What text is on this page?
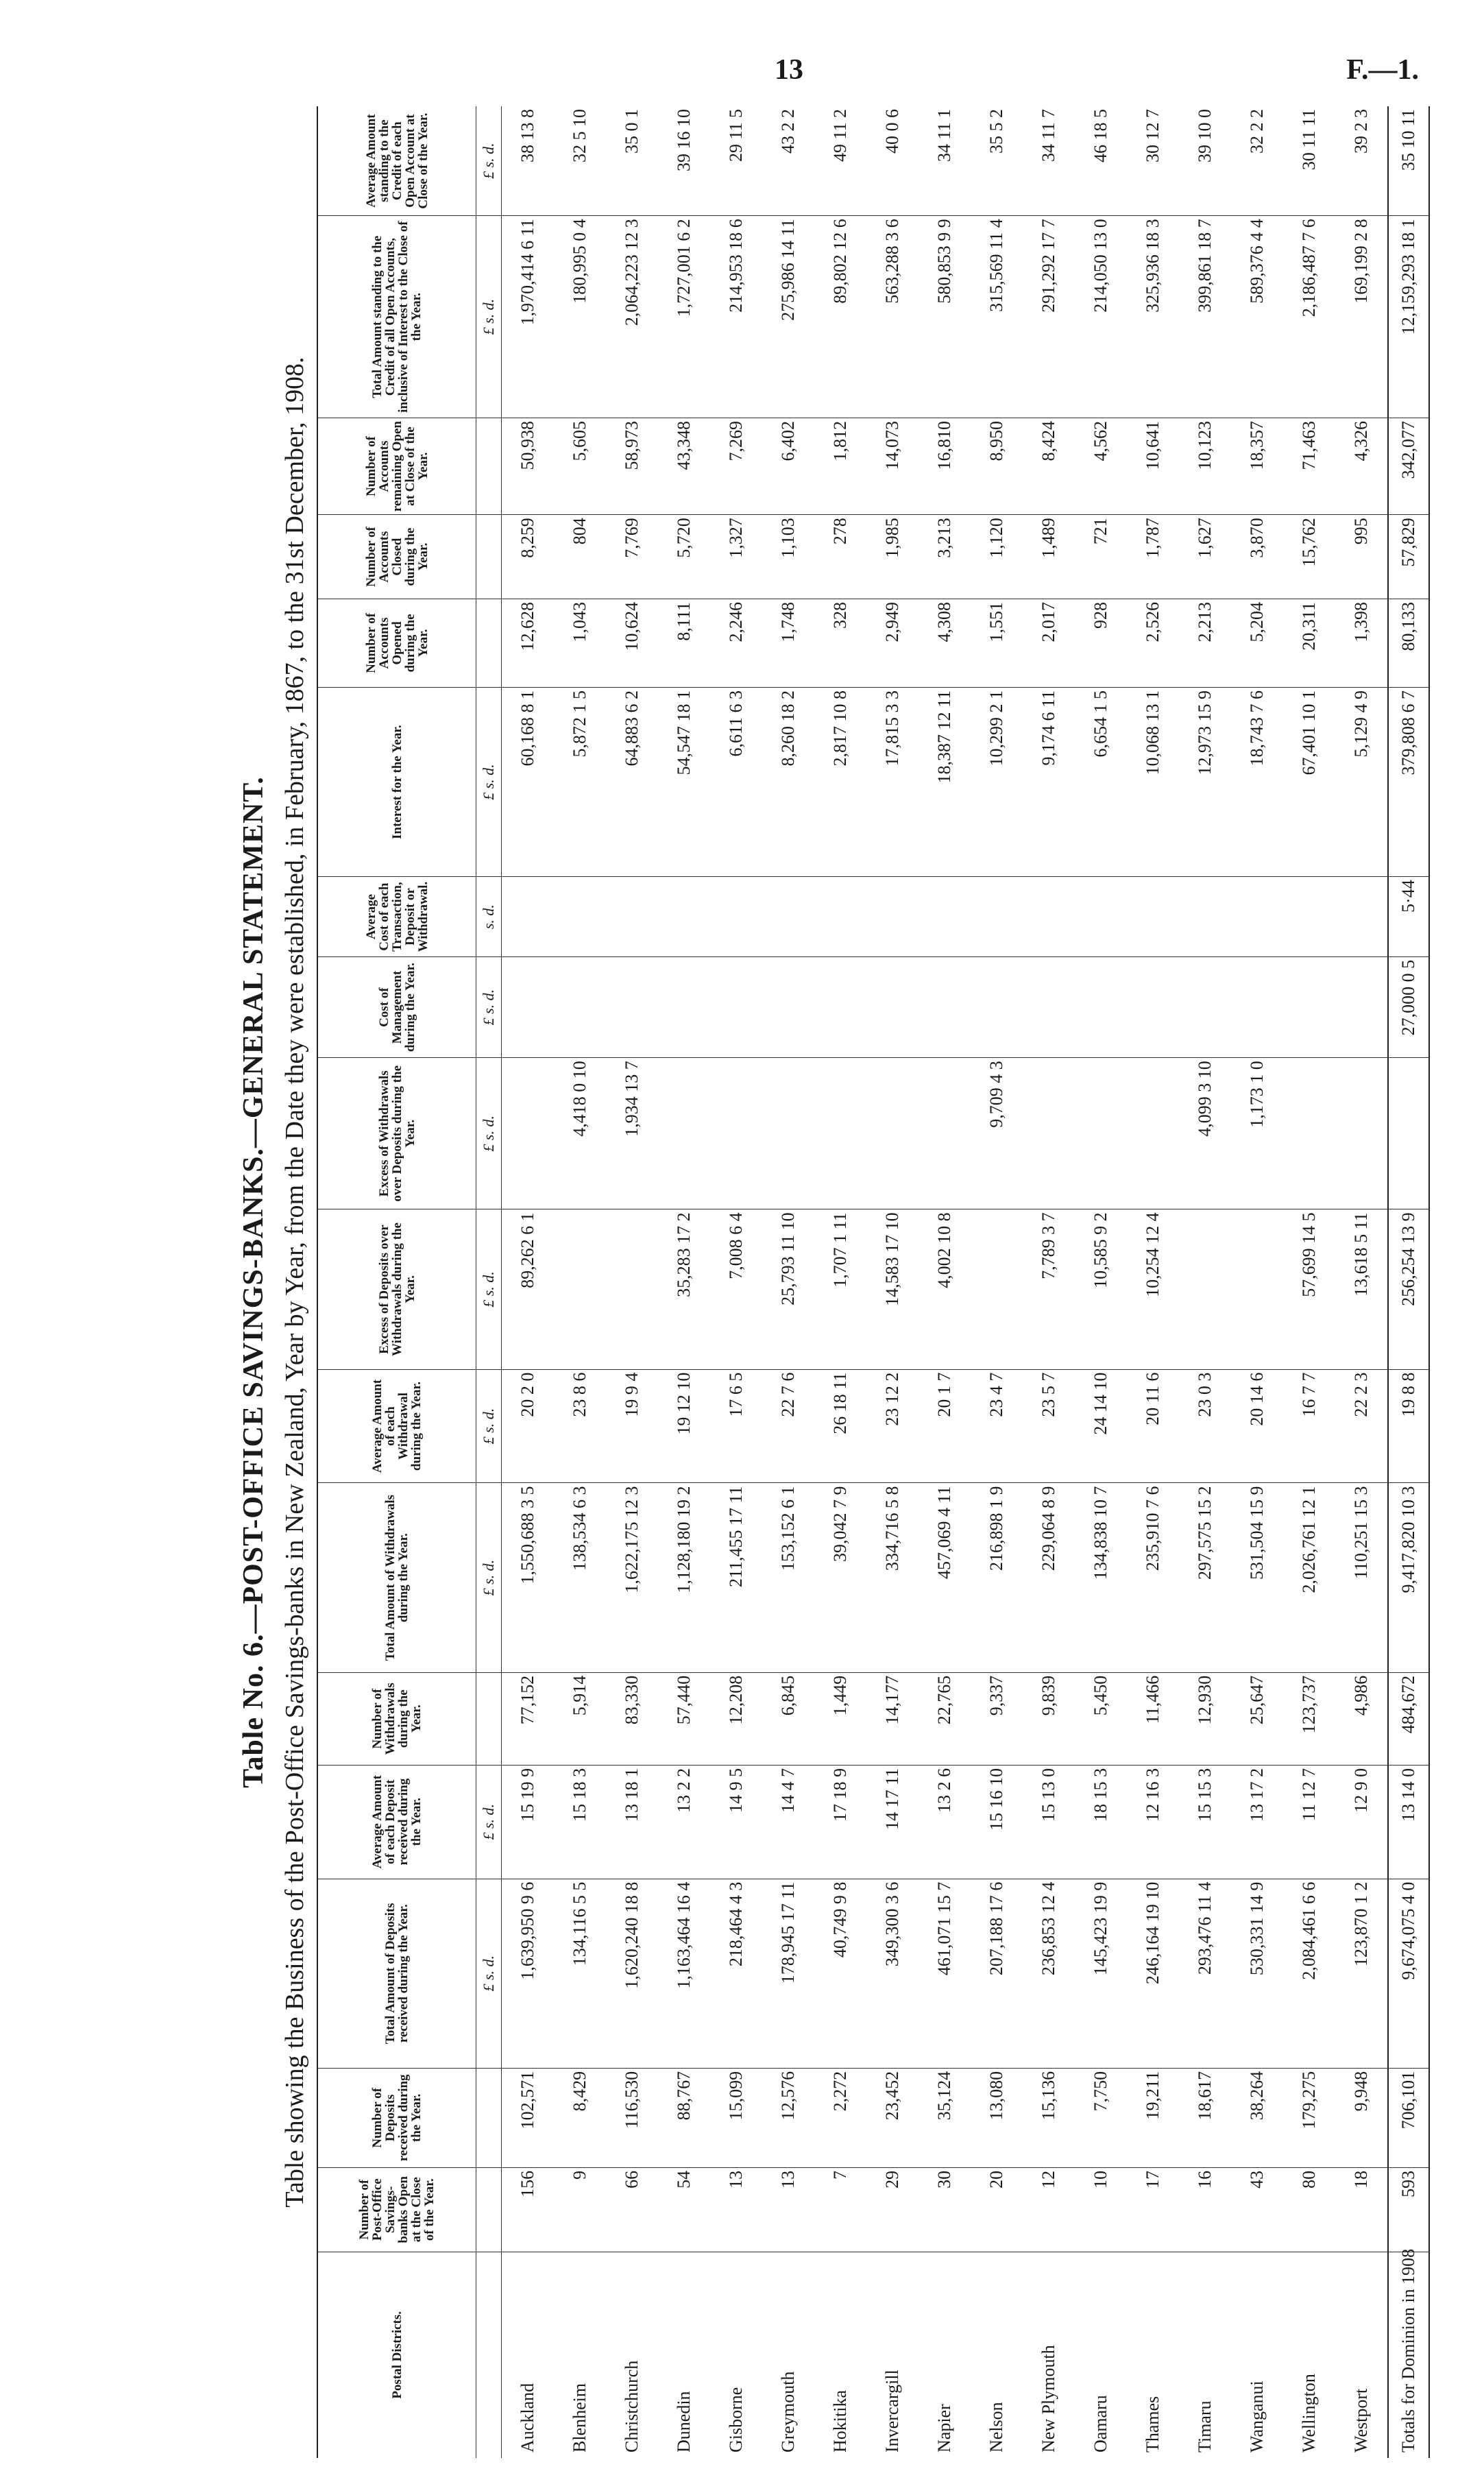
13	F.—1.
Table No. 6.—POST-OFFICE SAVINGS-BANKS.—GENERAL STATEMENT. Table showing the Business of the Post-Office Savings-banks in New Zealand, Year by Year, from the Date they were established, in February, 1867, to the 31st December, 1908.
Postal Districts.	Number of Post-Office Savings-banks Open at the Close of the Year.	Number of Deposits received during the Year.	Total Amount of Deposits received during the Year.	Average Amount of each Deposit received during the Year.	Number of Withdrawals during the Year.	Total Amount of Withdrawals during the Year.	Average Amount of each Withdrawal during the Year.	Excess of Deposits over Withdrawals during the Year.	Excess of Withdrawals over Deposits during the Year.	Cost of Management during the Year.	Average Cost of each Transaction, Deposit or Withdrawal.	Interest for the Year.	Number of Accounts Opened during the Year.	Number of Accounts Closed during the Year.	Number of Accounts remaining Open at Close of the Year.	Total Amount standing to the Credit of all Open Accounts, inclusive of Interest to the Close of the Year.	Average Amount standing to the Credit of each Open Account at Close of the Year.
			£ s. d.	£ s. d.		£ s. d.	£ s. d.	£ s. d.	£ s. d.	£ s. d.	s. d.	£ s. d.				£ s. d.	£ s. d.
Auckland	156	102,571	1,639,950 9 6	15 19 9	77,152	1,550,688 3 5	20 2 0	89,262 6 1				60,168 8 1	12,628	8,259	50,938	1,970,414 6 11	38 13 8
Blenheim	9	8,429	134,116 5 5	15 18 3	5,914	138,534 6 3	23 8 6		4,418 0 10			5,872 1 5	1,043	804	5,605	180,995 0 4	32 5 10
Christchurch	66	116,530	1,620,240 18 8	13 18 1	83,330	1,622,175 12 3	19 9 4		1,934 13 7			64,883 6 2	10,624	7,769	58,973	2,064,223 12 3	35 0 1
Dunedin	54	88,767	1,163,464 16 4	13 2 2	57,440	1,128,180 19 2	19 12 10	35,283 17 2				54,547 18 1	8,111	5,720	43,348	1,727,001 6 2	39 16 10
Gisborne	13	15,099	218,464 4 3	14 9 5	12,208	211,455 17 11	17 6 5	7,008 6 4				6,611 6 3	2,246	1,327	7,269	214,953 18 6	29 11 5
Greymouth	13	12,576	178,945 17 11	14 4 7	6,845	153,152 6 1	22 7 6	25,793 11 10				8,260 18 2	1,748	1,103	6,402	275,986 14 11	43 2 2
Hokitika	7	2,272	40,749 9 8	17 18 9	1,449	39,042 7 9	26 18 11	1,707 1 11				2,817 10 8	328	278	1,812	89,802 12 6	49 11 2
Invercargill	29	23,452	349,300 3 6	14 17 11	14,177	334,716 5 8	23 12 2	14,583 17 10				17,815 3 3	2,949	1,985	14,073	563,288 3 6	40 0 6
Napier	30	35,124	461,071 15 7	13 2 6	22,765	457,069 4 11	20 1 7	4,002 10 8				18,387 12 11	4,308	3,213	16,810	580,853 9 9	34 11 1
Nelson	20	13,080	207,188 17 6	15 16 10	9,337	216,898 1 9	23 4 7		9,709 4 3			10,299 2 1	1,551	1,120	8,950	315,569 11 4	35 5 2
New Plymouth	12	15,136	236,853 12 4	15 13 0	9,839	229,064 8 9	23 5 7	7,789 3 7				9,174 6 11	2,017	1,489	8,424	291,292 17 7	34 11 7
Oamaru	10	7,750	145,423 19 9	18 15 3	5,450	134,838 10 7	24 14 10	10,585 9 2				6,654 1 5	928	721	4,562	214,050 13 0	46 18 5
Thames	17	19,211	246,164 19 10	12 16 3	11,466	235,910 7 6	20 11 6	10,254 12 4				10,068 13 1	2,526	1,787	10,641	325,936 18 3	30 12 7
Timaru	16	18,617	293,476 11 4	15 15 3	12,930	297,575 15 2	23 0 3		4,099 3 10			12,973 15 9	2,213	1,627	10,123	399,861 18 7	39 10 0
Wanganui	43	38,264	530,331 14 9	13 17 2	25,647	531,504 15 9	20 14 6		1,173 1 0			18,743 7 6	5,204	3,870	18,357	589,376 4 4	32 2 2
Wellington	80	179,275	2,084,461 6 6	11 12 7	123,737	2,026,761 12 1	16 7 7	57,699 14 5				67,401 10 1	20,311	15,762	71,463	2,186,487 7 6	30 11 11
Westport	18	9,948	123,870 1 2	12 9 0	4,986	110,251 15 3	22 2 3	13,618 5 11				5,129 4 9	1,398	995	4,326	169,199 2 8	39 2 3
Totals for Dominion in 1908	593	706,101	9,674,075 4 0	13 14 0	484,672	9,417,820 10 3	19 8 8	256,254 13 9		27,000 0 5	5·44	379,808 6 7	80,133	57,829	342,077	12,159,293 18 1	35 10 11
